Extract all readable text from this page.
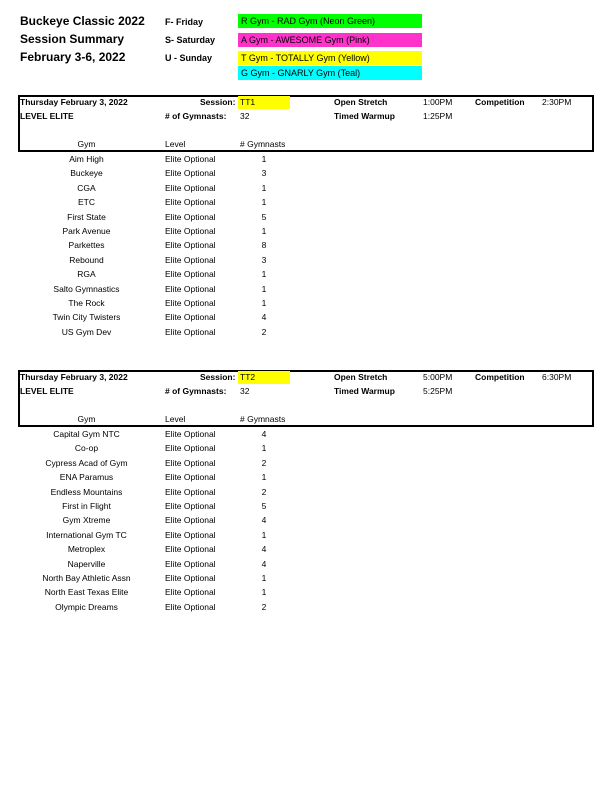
Buckeye Classic 2022
Session Summary
February 3-6, 2022
F- Friday
S- Saturday
U - Sunday
R Gym - RAD Gym (Neon Green)
A Gym - AWESOME Gym (Pink)
T Gym - TOTALLY Gym (Yellow)
G Gym - GNARLY Gym (Teal)
Thursday February 3, 2022	Session: TT1	Open Stretch	1:00PM	Competition 2:30PM
LEVEL ELITE	# of Gymnasts: 32	Timed Warmup	1:25PM
Gym	Level	# Gymnasts
Aim High	Elite Optional	1
Buckeye	Elite Optional	3
CGA	Elite Optional	1
ETC	Elite Optional	1
First State	Elite Optional	5
Park Avenue	Elite Optional	1
Parkettes	Elite Optional	8
Rebound	Elite Optional	3
RGA	Elite Optional	1
Salto Gymnastics	Elite Optional	1
The Rock	Elite Optional	1
Twin City Twisters	Elite Optional	4
US Gym Dev	Elite Optional	2
Thursday February 3, 2022	Session: TT2	Open Stretch	5:00PM	Competition 6:30PM
LEVEL ELITE	# of Gymnasts: 32	Timed Warmup	5:25PM
Gym	Level	# Gymnasts
Capital Gym NTC	Elite Optional	4
Co-op	Elite Optional	1
Cypress Acad of Gym	Elite Optional	2
ENA Paramus	Elite Optional	1
Endless Mountains	Elite Optional	2
First in Flight	Elite Optional	5
Gym Xtreme	Elite Optional	4
International Gym TC	Elite Optional	1
Metroplex	Elite Optional	4
Naperville	Elite Optional	4
North Bay Athletic Assn	Elite Optional	1
North East Texas Elite	Elite Optional	1
Olympic Dreams	Elite Optional	2
